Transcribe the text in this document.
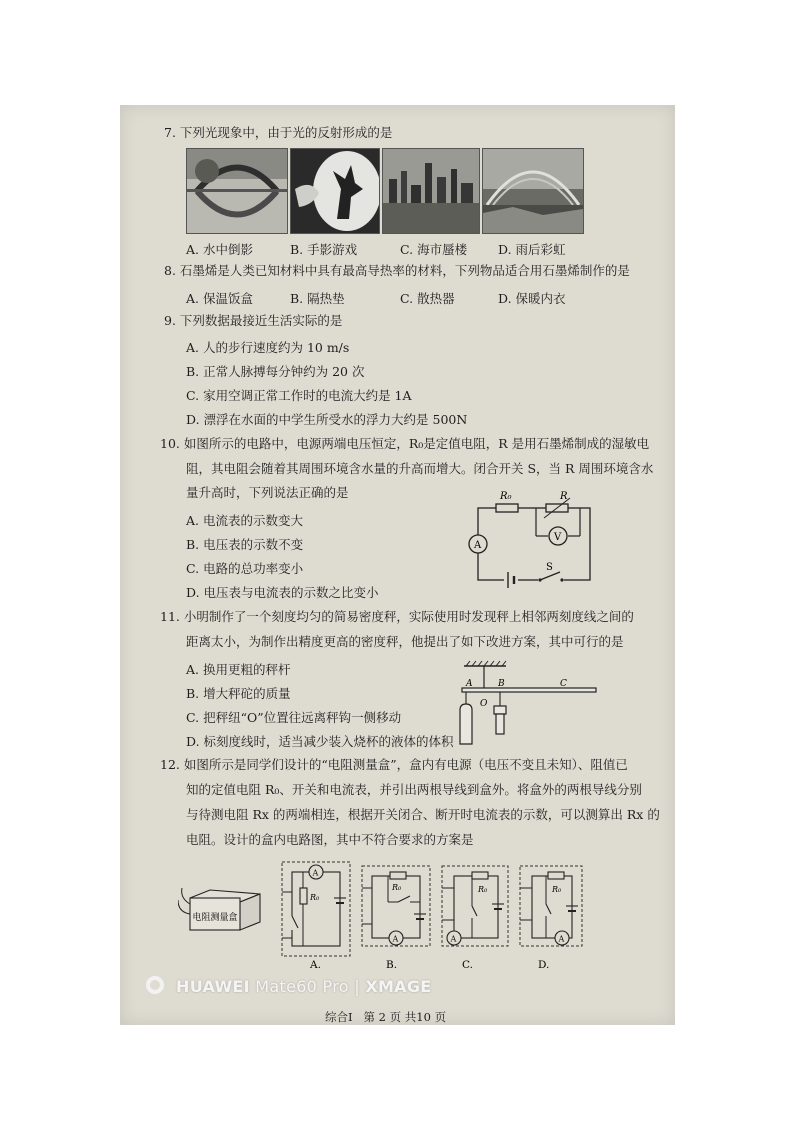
7. 下列光现象中，由于光的反射形成的是
A. 水中倒影	B. 手影游戏	C. 海市蜃楼 D. 雨后彩虹
8. 石墨烯是人类已知材料中具有最高导热率的材料，下列物品适合用石墨烯制作的是
A. 保温饭盒	B. 隔热垫	C. 散热器	D. 保暖内衣
9. 下列数据最接近生活实际的是
A. 人的步行速度约为 10 m/s
B. 正常人脉搏每分钟约为 20 次
C. 家用空调正常工作时的电流大约是 1A
D. 漂浮在水面的中学生所受水的浮力大约是 500N
10. 如图所示的电路中，电源两端电压恒定，R₀是定值电阻，R 是用石墨烯制成的湿敏电
阻，其电阻会随着其周围环境含水量的升高而增大。闭合开关 S，当 R 周围环境含水
量升高时，下列说法正确的是
A. 电流表的示数变大
B. 电压表的示数不变
C. 电路的总功率变小
D. 电压表与电流表的示数之比变小
R₀	R
A
V
S
11. 小明制作了一个刻度均匀的简易密度秤，实际使用时发现秤上相邻两刻度线之间的
距离太小，为制作出精度更高的密度秤，他提出了如下改进方案，其中可行的是
A. 换用更粗的秤杆
B. 增大秤砣的质量
C. 把秤纽“O”位置往远离秤钩一侧移动
D. 标刻度线时，适当减少装入烧杯的液体的体积
A
O
B	C
12. 如图所示是同学们设计的“电阻测量盒”，盒内有电源（电压不变且未知）、阻值已
知的定值电阻 R₀、开关和电流表，并引出两根导线到盒外。将盒外的两根导线分别
与待测电阻 Rx 的两端相连，根据开关闭合、断开时电流表的示数，可以测算出 Rx 的
电阻。设计的盒内电路图，其中不符合要求的方案是
电阻测量盒
A
R₀
R₀
A
R₀
A
R₀
A
A.	B.	C.	D.
HUAWEI Mate60 Pro | XMAGE
综合Ⅰ   第 2 页 共10 页
